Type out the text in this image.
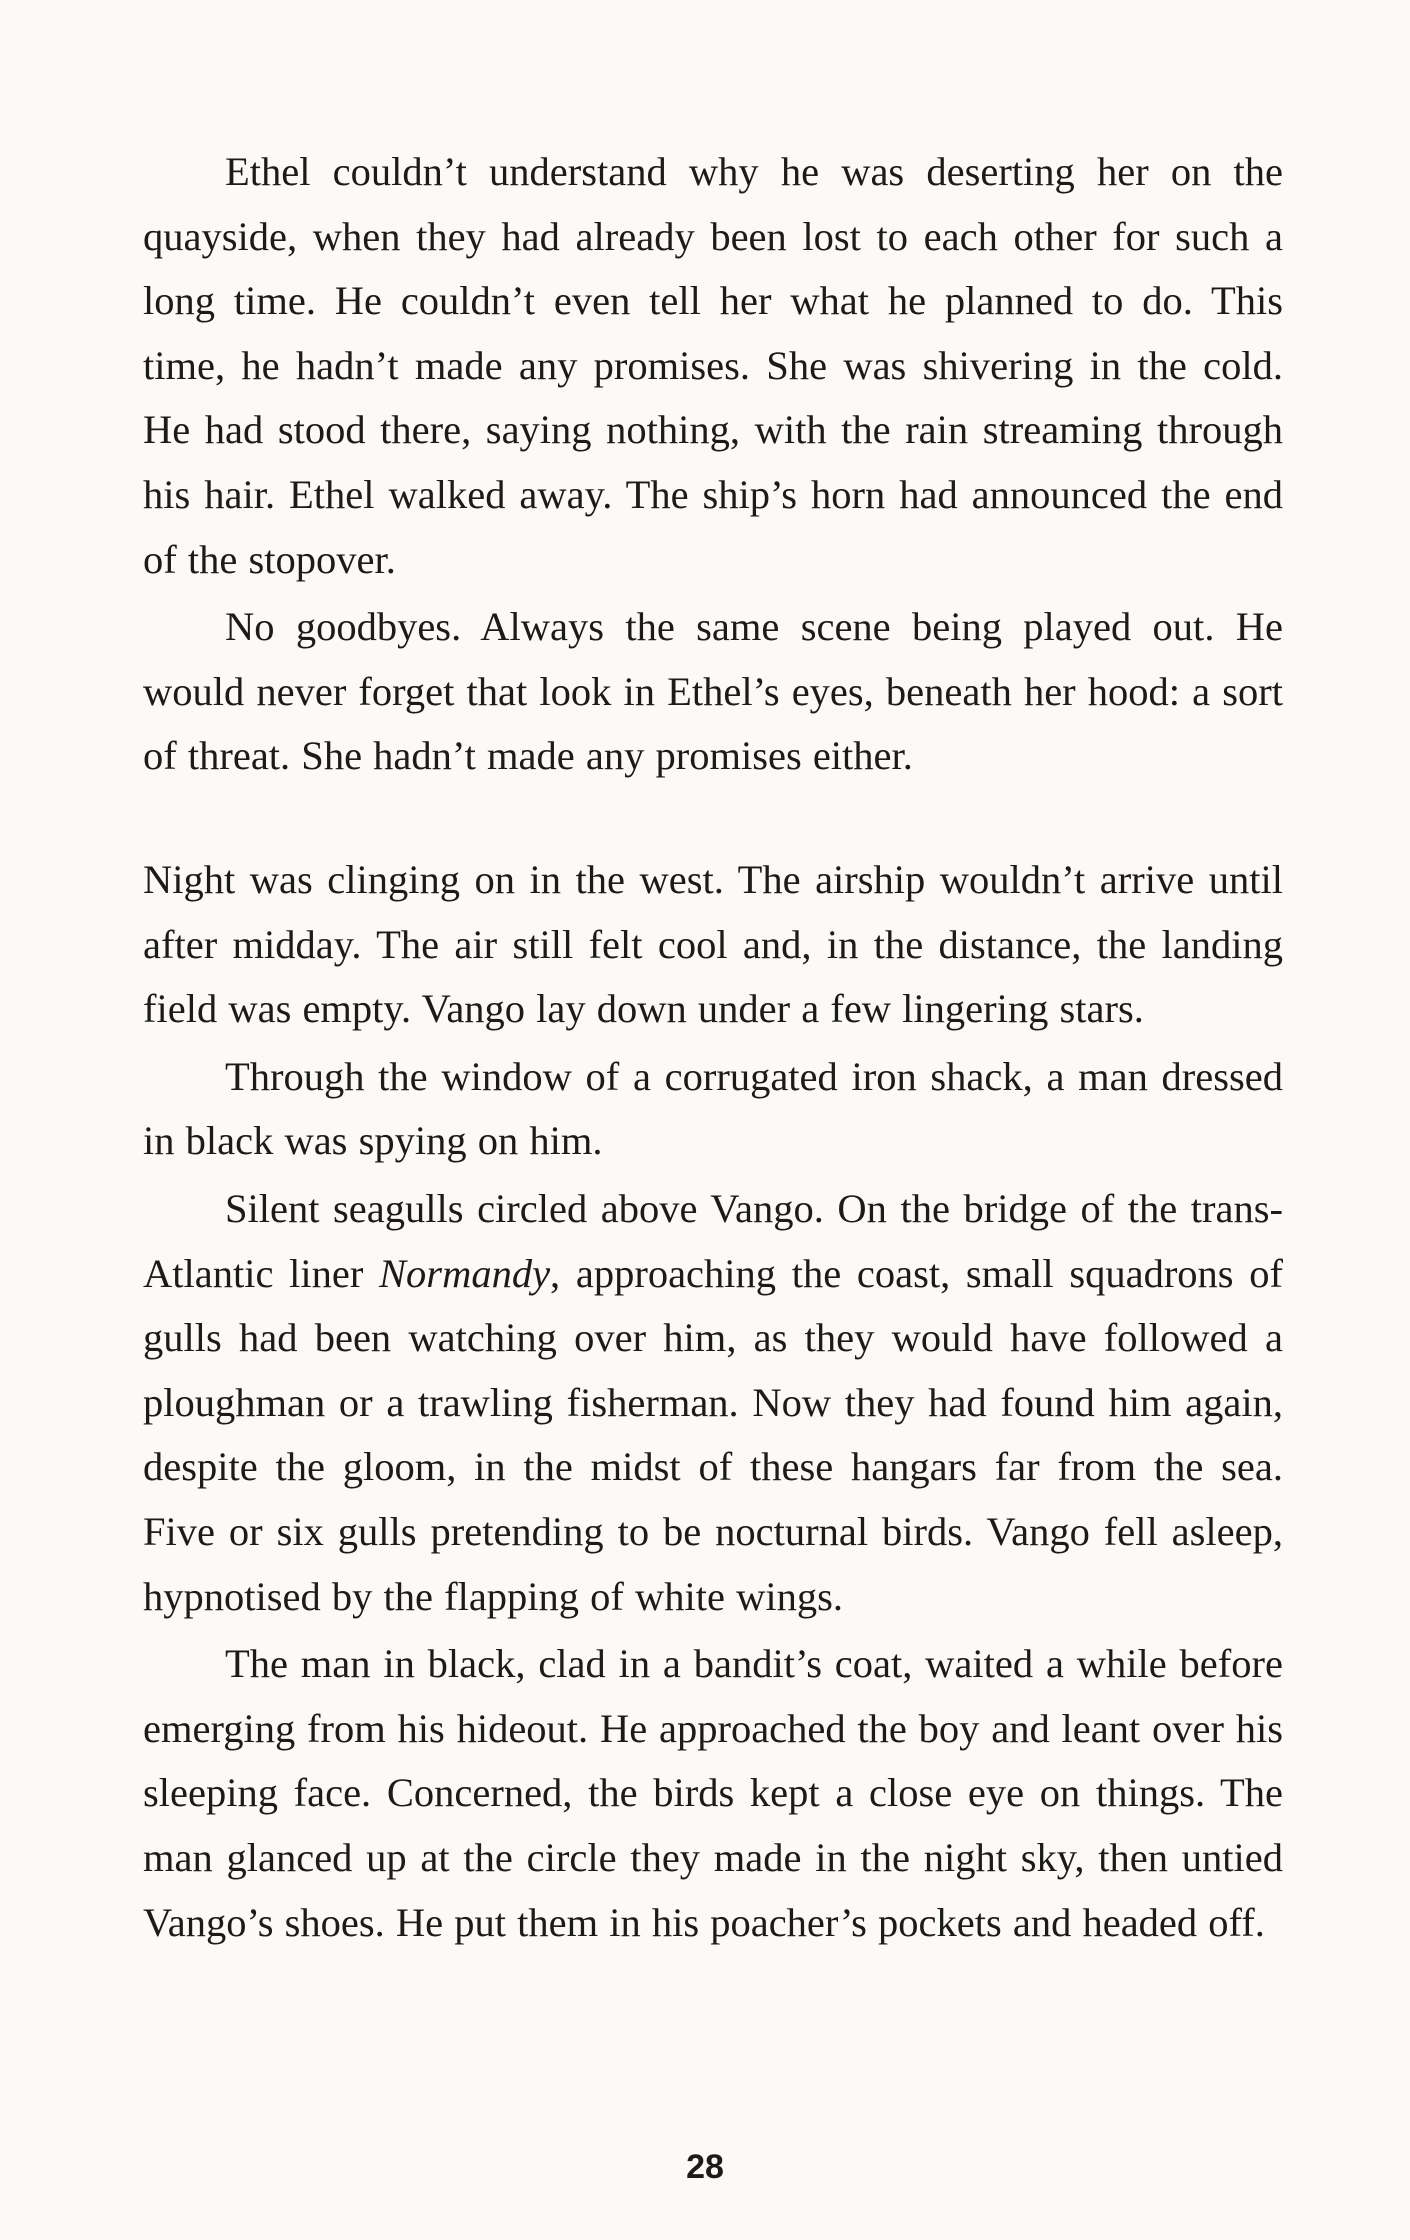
Ethel couldn’t understand why he was deserting her on the quayside, when they had already been lost to each other for such a long time. He couldn’t even tell her what he planned to do. This time, he hadn’t made any promises. She was shivering in the cold. He had stood there, saying nothing, with the rain streaming through his hair. Ethel walked away. The ship’s horn had announced the end of the stopover.

No goodbyes. Always the same scene being played out. He would never forget that look in Ethel’s eyes, beneath her hood: a sort of threat. She hadn’t made any promises either.

Night was clinging on in the west. The airship wouldn’t arrive until after midday. The air still felt cool and, in the distance, the landing field was empty. Vango lay down under a few lingering stars.

Through the window of a corrugated iron shack, a man dressed in black was spying on him.

Silent seagulls circled above Vango. On the bridge of the trans-Atlantic liner Normandy, approaching the coast, small squadrons of gulls had been watching over him, as they would have followed a ploughman or a trawling fisherman. Now they had found him again, despite the gloom, in the midst of these hangars far from the sea. Five or six gulls pretending to be nocturnal birds. Vango fell asleep, hypnotised by the flapping of white wings.

The man in black, clad in a bandit’s coat, waited a while before emerging from his hideout. He approached the boy and leant over his sleeping face. Concerned, the birds kept a close eye on things. The man glanced up at the circle they made in the night sky, then untied Vango’s shoes. He put them in his poacher’s pockets and headed off.

28
